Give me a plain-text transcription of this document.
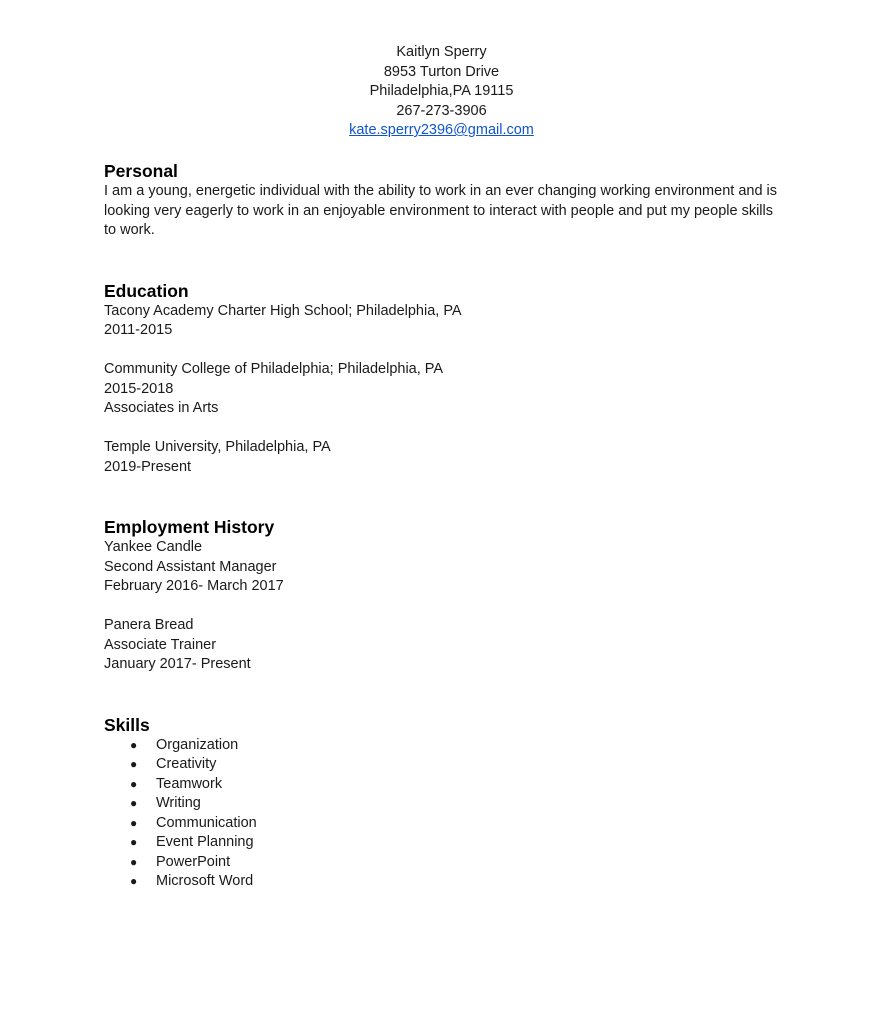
Kaitlyn Sperry
8953 Turton Drive
Philadelphia,PA 19115
267-273-3906
kate.sperry2396@gmail.com
Personal

I am a young, energetic individual with the ability to work in an ever changing working environment and is looking very eagerly to work in an enjoyable environment to interact with people and put my people skills to work.

Education

Tacony Academy Charter High School; Philadelphia, PA

2011-2015

Community College of Philadelphia; Philadelphia, PA

2015-2018

Associates in Arts

Temple University, Philadelphia, PA

2019-Present

Employment History

Yankee Candle

Second Assistant Manager

February 2016- March 2017

Panera Bread

Associate Trainer

January 2017- Present

Skills
● Organization
● Creativity
● Teamwork
● Writing
● Communication
● Event Planning
● PowerPoint
● Microsoft Word
